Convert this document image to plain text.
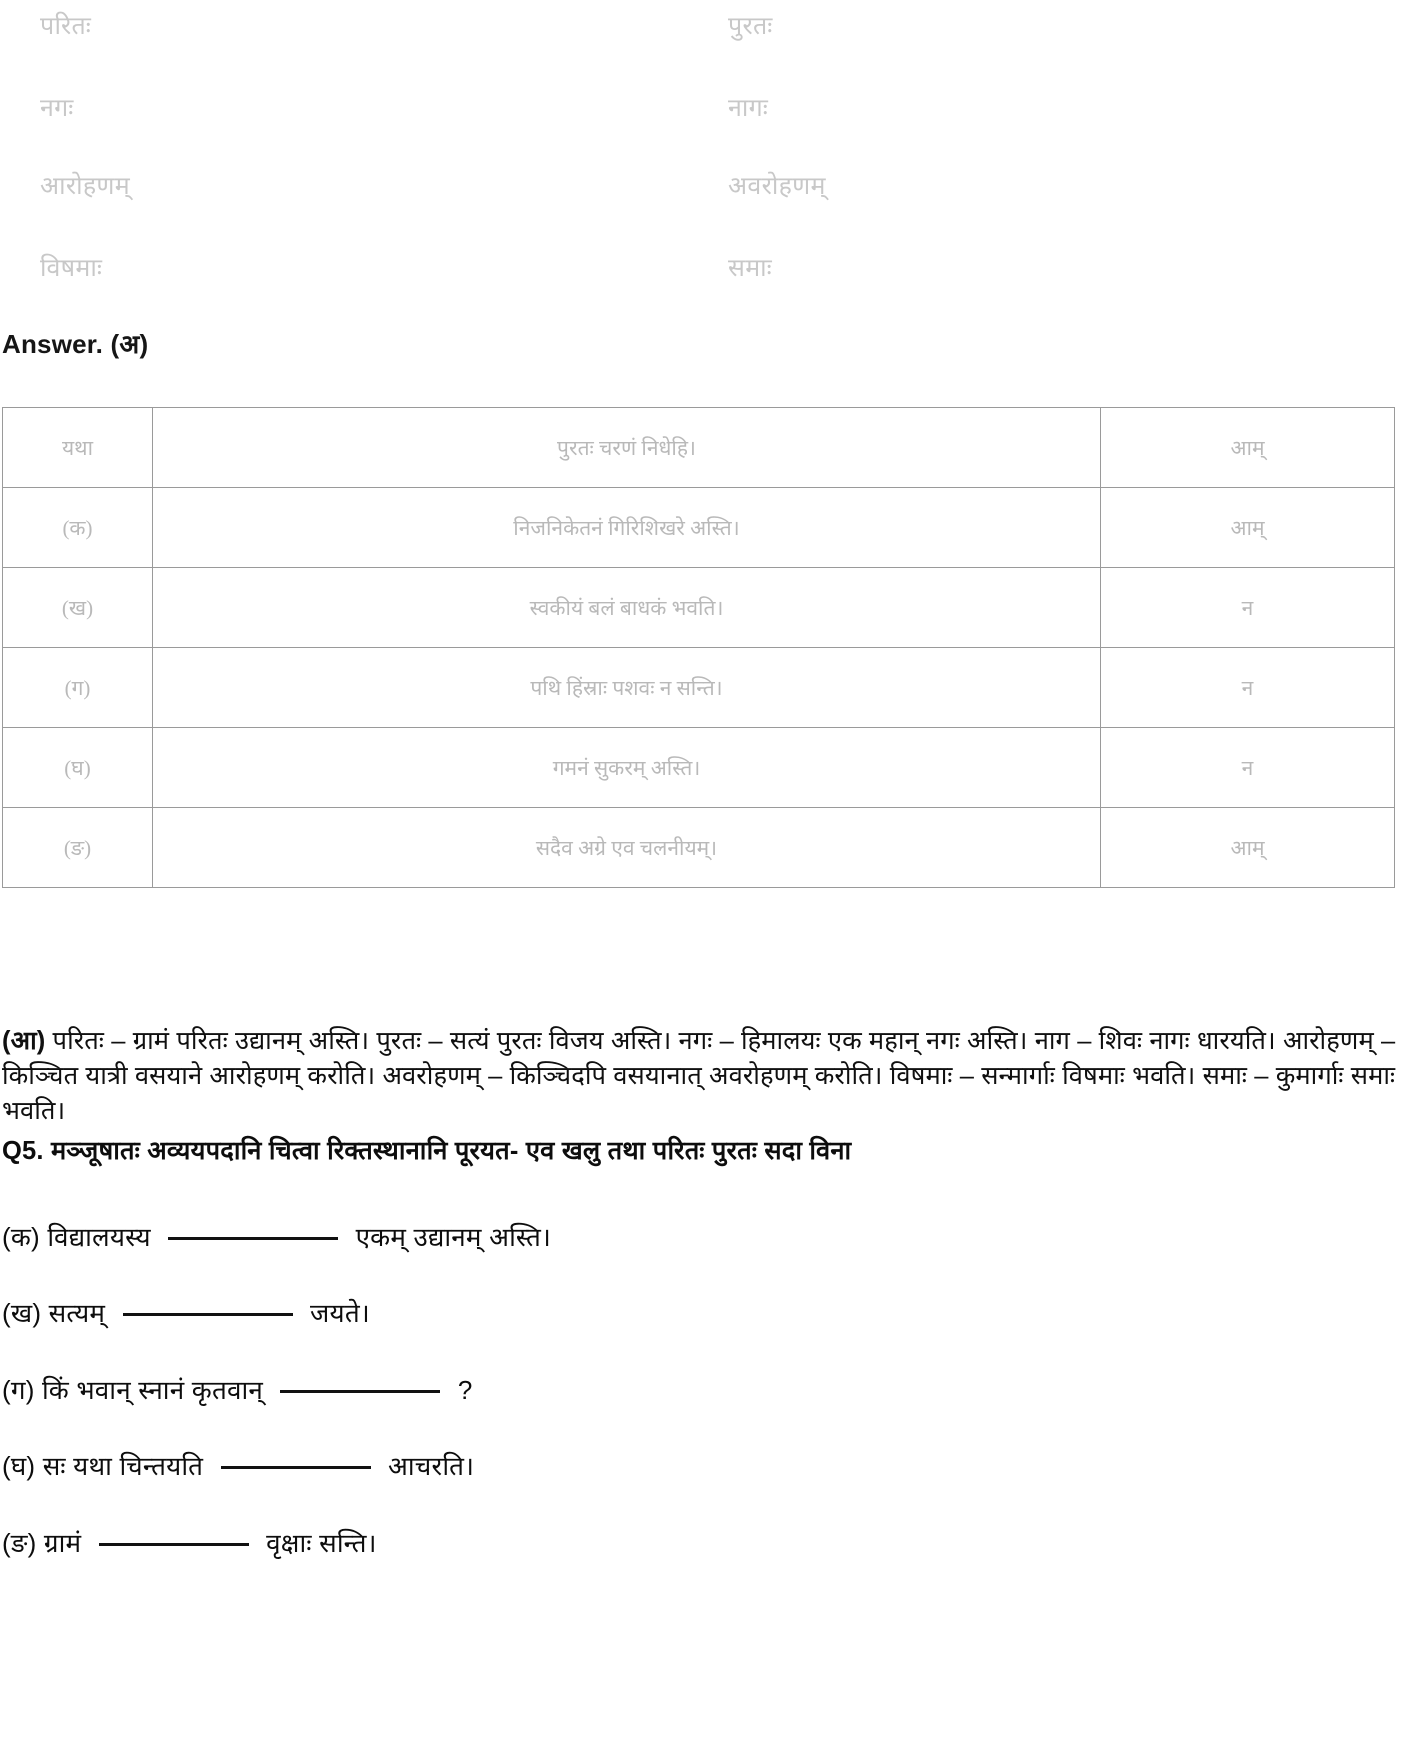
परितः	पुरतः
नगः	नागः
आरोहणम्	अवरोहणम्
विषमाः	समाः
Answer. (अ)
यथा	पुरतः चरणं निधेहि।	आम्
(क)	निजनिकेतनं गिरिशिखरे अस्ति।	आम्
(ख)	स्वकीयं बलं बाधकं भवति।	न
(ग)	पथि हिंस्राः पशवः न सन्ति।	न
(घ)	गमनं सुकरम् अस्ति।	न
(ङ)	सदैव अग्रे एव चलनीयम्।	आम्
(आ) परितः – ग्रामं परितः उद्यानम् अस्ति। पुरतः – सत्यं पुरतः विजय अस्ति। नगः – हिमालयः एक महान् नगः अस्ति। नाग – शिवः नागः धारयति। आरोहणम् – किञ्चित यात्री वसयाने आरोहणम् करोति। अवरोहणम् – किञ्चिदपि वसयानात् अवरोहणम् करोति। विषमाः – सन्मार्गाः विषमाः भवति। समाः – कुमार्गाः समाः भवति।
Q5. मञ्जूषातः अव्ययपदानि चित्वा रिक्तस्थानानि पूरयत- एव खलु तथा परितः पुरतः सदा विना
(क) विद्यालयस्य	एकम् उद्यानम् अस्ति।
(ख) सत्यम्	जयते।
(ग) किं भवान् स्नानं कृतवान्	?
(घ) सः यथा चिन्तयति	आचरति।
(ङ) ग्रामं	वृक्षाः सन्ति।
